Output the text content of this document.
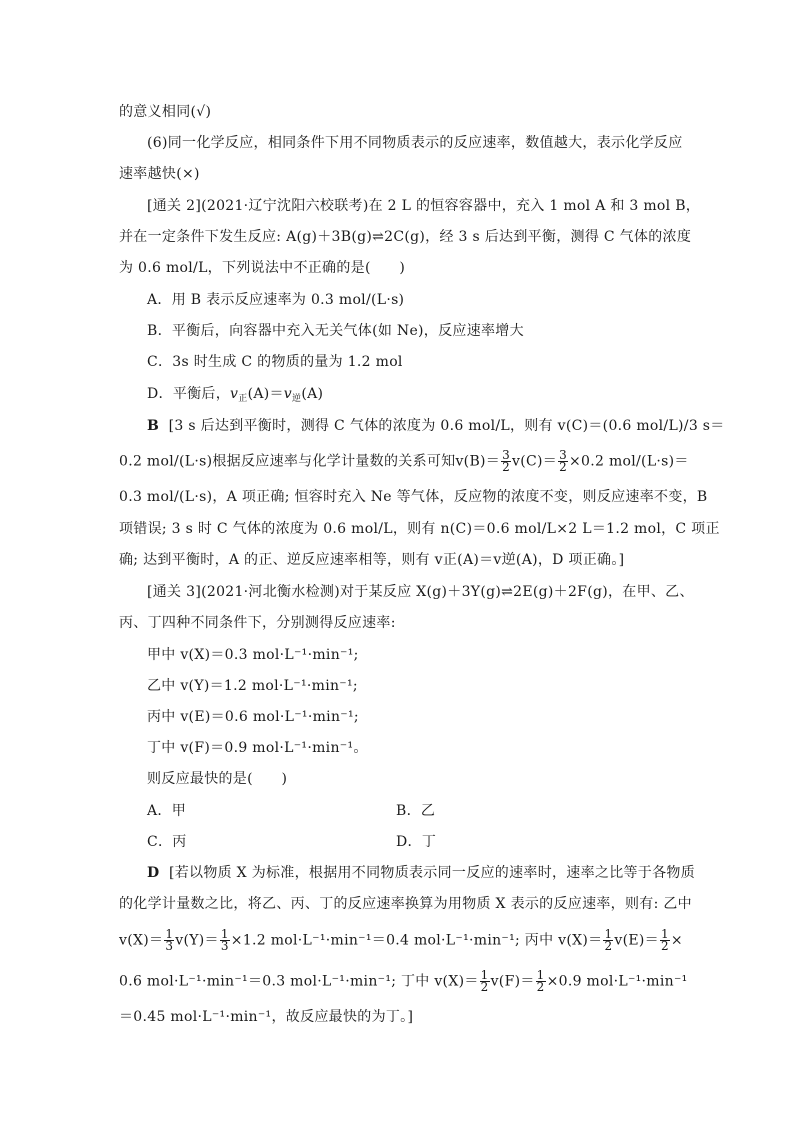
的意义相同(√)
(6)同一化学反应，相同条件下用不同物质表示的反应速率，数值越大，表示化学反应
速率越快(×)
[通关 2](2021·辽宁沈阳六校联考)在 2 L 的恒容容器中，充入 1 mol A 和 3 mol B，
并在一定条件下发生反应: A(g)＋3B(g)⇌2C(g)，经 3 s 后达到平衡，测得 C 气体的浓度
为 0.6 mol/L，下列说法中不正确的是(　　)
A．用 B 表示反应速率为 0.3 mol/(L·s)
B．平衡后，向容器中充入无关气体(如 Ne)，反应速率增大
C．3s 时生成 C 的物质的量为 1.2 mol
D．平衡后，$v_正(A)=v_逆(A)$
B [3 s 后达到平衡时，测得 C 气体的浓度为 0.6 mol/L，则有 v(C)＝(0.6 mol/L)/3 s＝
0.2 mol/(L·s)根据反应速率与化学计量数的关系可知$v(B)= \frac{3}{2} v(C)= \frac{3}{2} \times 0.2$ mol/(L·s)＝
0.3 mol/(L·s)，A 项正确; 恒容时充入 Ne 等气体，反应物的浓度不变，则反应速率不变，B
项错误; 3 s 时 C 气体的浓度为 0.6 mol/L，则有 n(C)＝0.6 mol/L×2 L＝1.2 mol，C 项正
确; 达到平衡时，A 的正、逆反应速率相等，则有 v正(A)＝v逆(A)，D 项正确。]
[通关 3](2021·河北衡水检测)对于某反应 X(g)＋3Y(g)⇌2E(g)＋2F(g)，在甲、乙、
丙、丁四种不同条件下，分别测得反应速率:
甲中 v(X)＝0.3 mol·L⁻¹·min⁻¹;
乙中 v(Y)＝1.2 mol·L⁻¹·min⁻¹;
丙中 v(E)＝0.6 mol·L⁻¹·min⁻¹;
丁中 v(F)＝0.9 mol·L⁻¹·min⁻¹。
则反应最快的是(　　)
A．甲	B．乙
C．丙	D．丁
D [若以物质 X 为标准，根据用不同物质表示同一反应的速率时，速率之比等于各物质
的化学计量数之比，将乙、丙、丁的反应速率换算为用物质 X 表示的反应速率，则有: 乙中
$v(X)= \frac{1}{3} v(Y)= \frac{1}{3} \times 1.2$ mol·L⁻¹·min⁻¹＝0.4 mol·L⁻¹·min⁻¹; 丙中 $v(X)= \frac{1}{2} v(E)= \frac{1}{2}$ ×
0.6 mol·L⁻¹·min⁻¹＝0.3 mol·L⁻¹·min⁻¹; 丁中 $v(X)= \frac{1}{2} v(F)= \frac{1}{2} \times 0.9$ mol·L⁻¹·min⁻¹
＝0.45 mol·L⁻¹·min⁻¹，故反应最快的为丁。]
